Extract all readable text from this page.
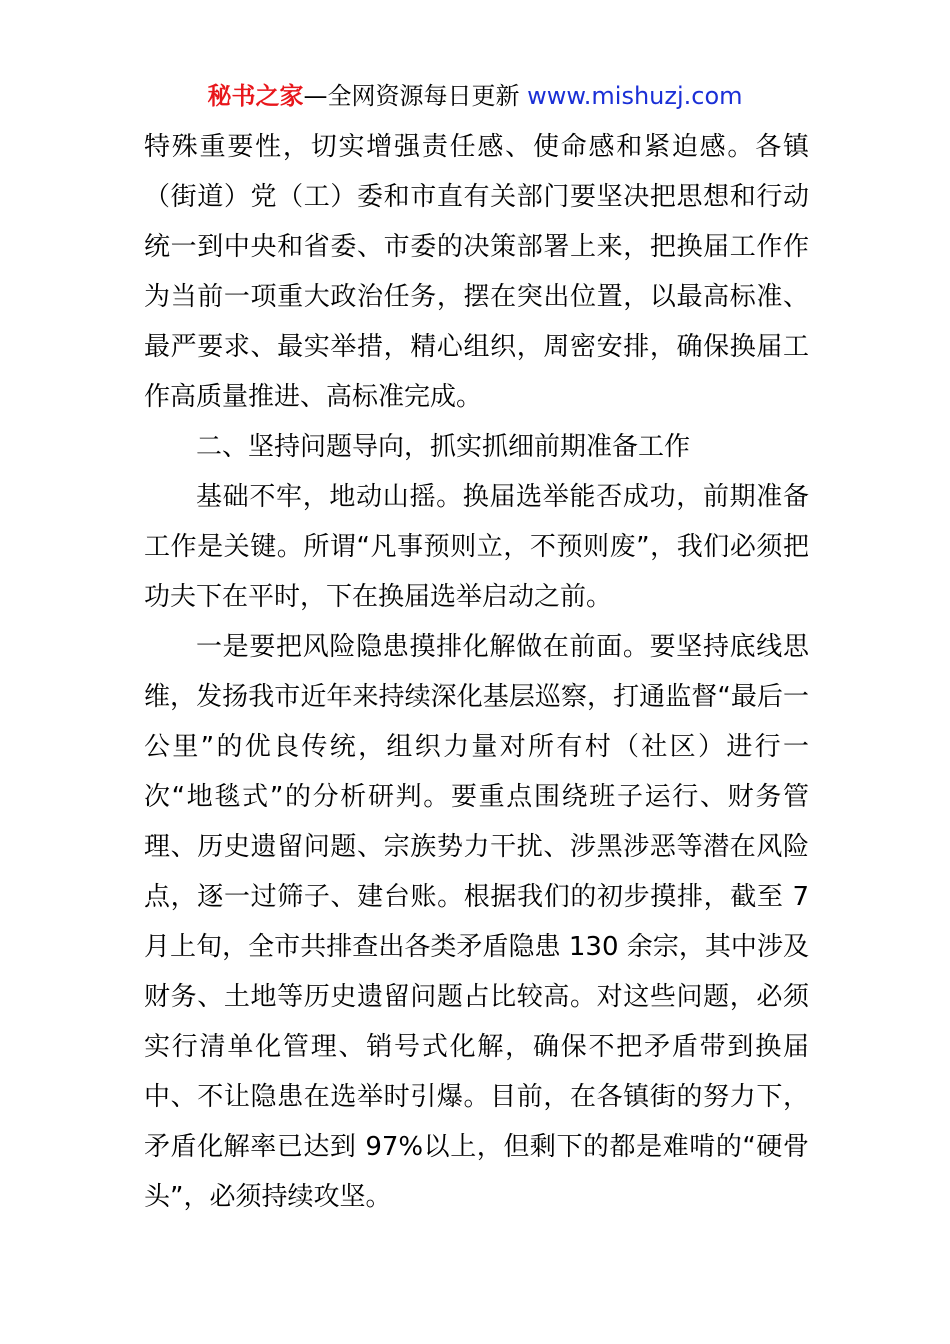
秘书之家—全网资源每日更新 www.mishuzj.com

特殊重要性，切实增强责任感、使命感和紧迫感。各镇（街道）党（工）委和市直有关部门要坚决把思想和行动统一到中央和省委、市委的决策部署上来，把换届工作作为当前一项重大政治任务，摆在突出位置，以最高标准、最严要求、最实举措，精心组织，周密安排，确保换届工作高质量推进、高标准完成。

二、坚持问题导向，抓实抓细前期准备工作

基础不牢，地动山摇。换届选举能否成功，前期准备工作是关键。所谓“凡事预则立，不预则废”，我们必须把功夫下在平时，下在换届选举启动之前。

一是要把风险隐患摸排化解做在前面。要坚持底线思维，发扬我市近年来持续深化基层巡察，打通监督“最后一公里”的优良传统，组织力量对所有村（社区）进行一次“地毯式”的分析研判。要重点围绕班子运行、财务管理、历史遗留问题、宗族势力干扰、涉黑涉恶等潜在风险点，逐一过筛子、建台账。根据我们的初步摸排，截至 7 月上旬，全市共排查出各类矛盾隐患 130 余宗，其中涉及财务、土地等历史遗留问题占比较高。对这些问题，必须实行清单化管理、销号式化解，确保不把矛盾带到换届中、不让隐患在选举时引爆。目前，在各镇街的努力下，矛盾化解率已达到 97%以上，但剩下的都是难啃的“硬骨头”，必须持续攻坚。
